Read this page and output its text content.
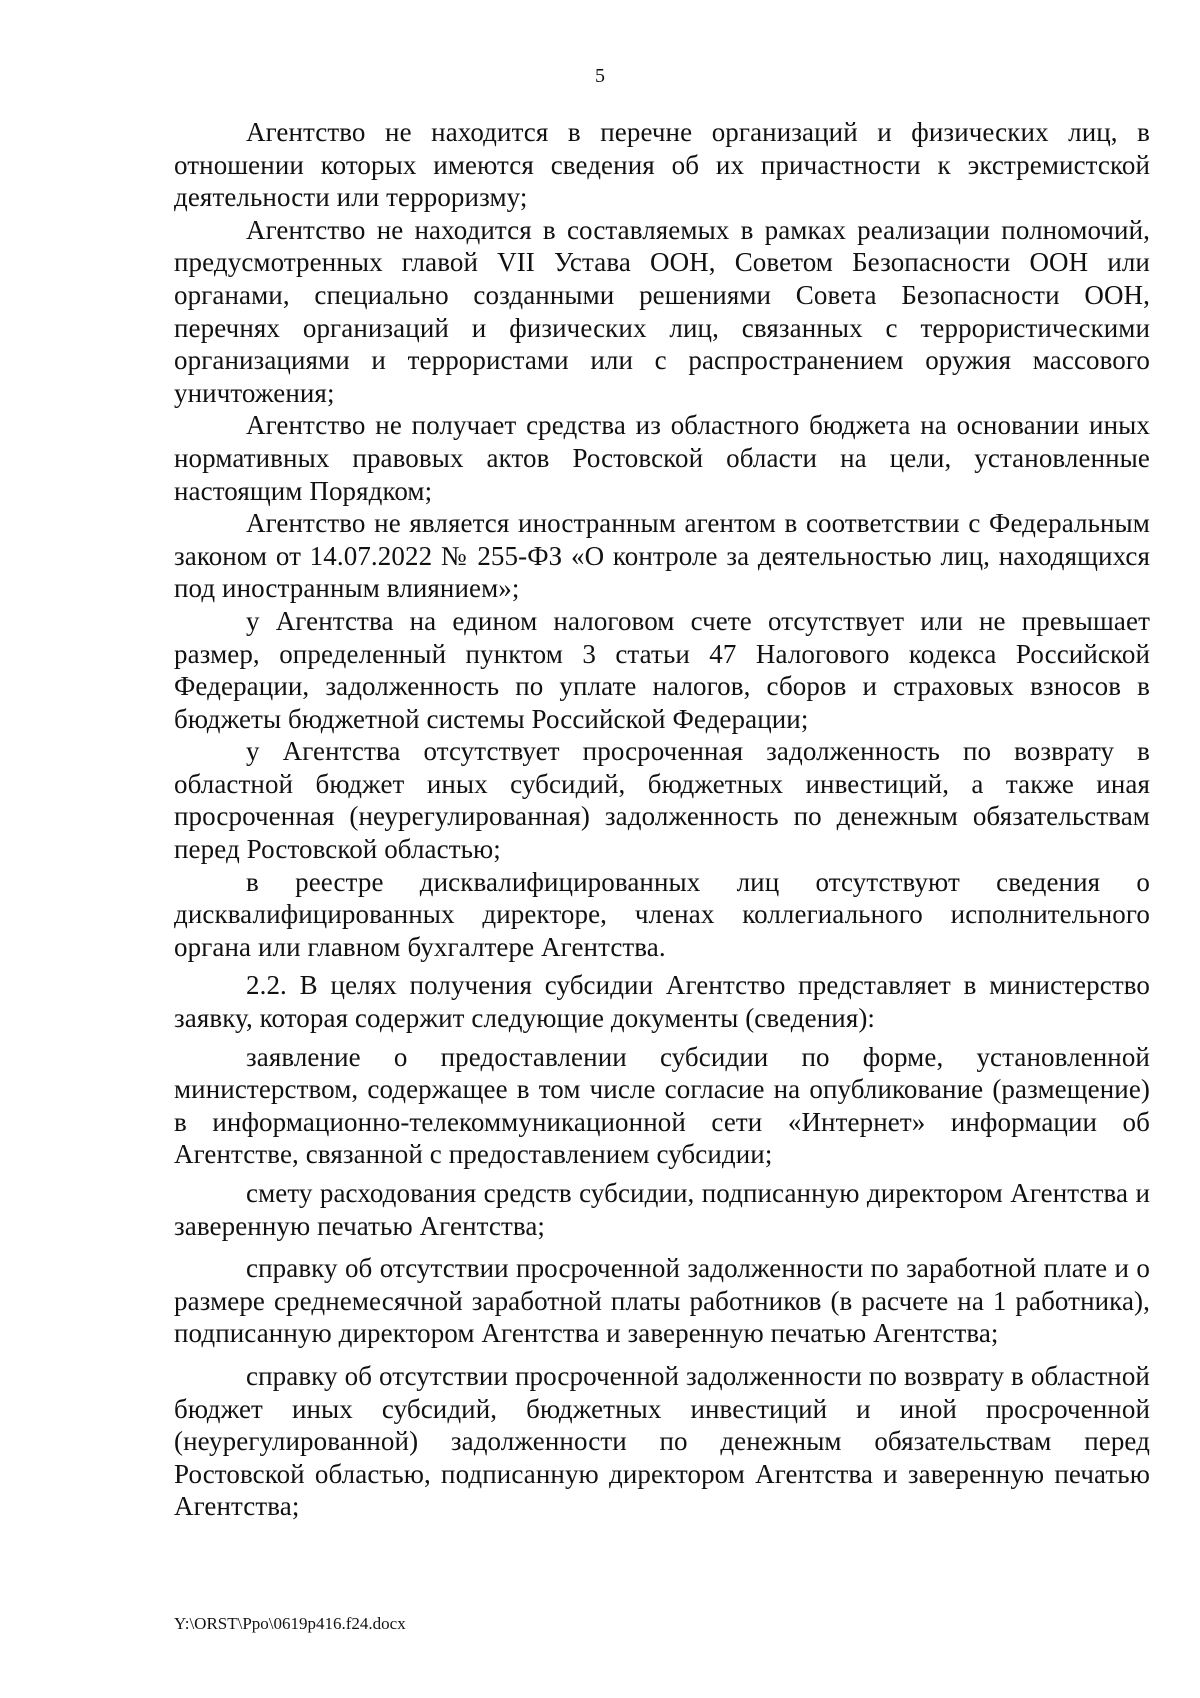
5

Агентство не находится в перечне организаций и физических лиц, в отношении которых имеются сведения об их причастности к экстремистской деятельности или терроризму;

Агентство не находится в составляемых в рамках реализации полномочий, предусмотренных главой VII Устава ООН, Советом Безопасности ООН или органами, специально созданными решениями Совета Безопасности ООН, перечнях организаций и физических лиц, связанных с террористическими организациями и террористами или с распространением оружия массового уничтожения;

Агентство не получает средства из областного бюджета на основании иных нормативных правовых актов Ростовской области на цели, установленные настоящим Порядком;

Агентство не является иностранным агентом в соответствии с Федеральным законом от 14.07.2022 № 255-ФЗ «О контроле за деятельностью лиц, находящихся под иностранным влиянием»;

у Агентства на едином налоговом счете отсутствует или не превышает размер, определенный пунктом 3 статьи 47 Налогового кодекса Российской Федерации, задолженность по уплате налогов, сборов и страховых взносов в бюджеты бюджетной системы Российской Федерации;

у Агентства отсутствует просроченная задолженность по возврату в областной бюджет иных субсидий, бюджетных инвестиций, а также иная просроченная (неурегулированная) задолженность по денежным обязательствам перед Ростовской областью;

в реестре дисквалифицированных лиц отсутствуют сведения о дисквалифицированных директоре, членах коллегиального исполнительного органа или главном бухгалтере Агентства.

2.2. В целях получения субсидии Агентство представляет в министерство заявку, которая содержит следующие документы (сведения):

заявление о предоставлении субсидии по форме, установленной министерством, содержащее в том числе согласие на опубликование (размещение) в информационно-телекоммуникационной сети «Интернет» информации об Агентстве, связанной с предоставлением субсидии;

смету расходования средств субсидии, подписанную директором Агентства и заверенную печатью Агентства;

справку об отсутствии просроченной задолженности по заработной плате и о размере среднемесячной заработной платы работников (в расчете на 1 работника), подписанную директором Агентства и заверенную печатью Агентства;

справку об отсутствии просроченной задолженности по возврату в областной бюджет иных субсидий, бюджетных инвестиций и иной просроченной (неурегулированной) задолженности по денежным обязательствам перед Ростовской областью, подписанную директором Агентства и заверенную печатью Агентства;

Y:\ORST\Ppo\0619p416.f24.docx
